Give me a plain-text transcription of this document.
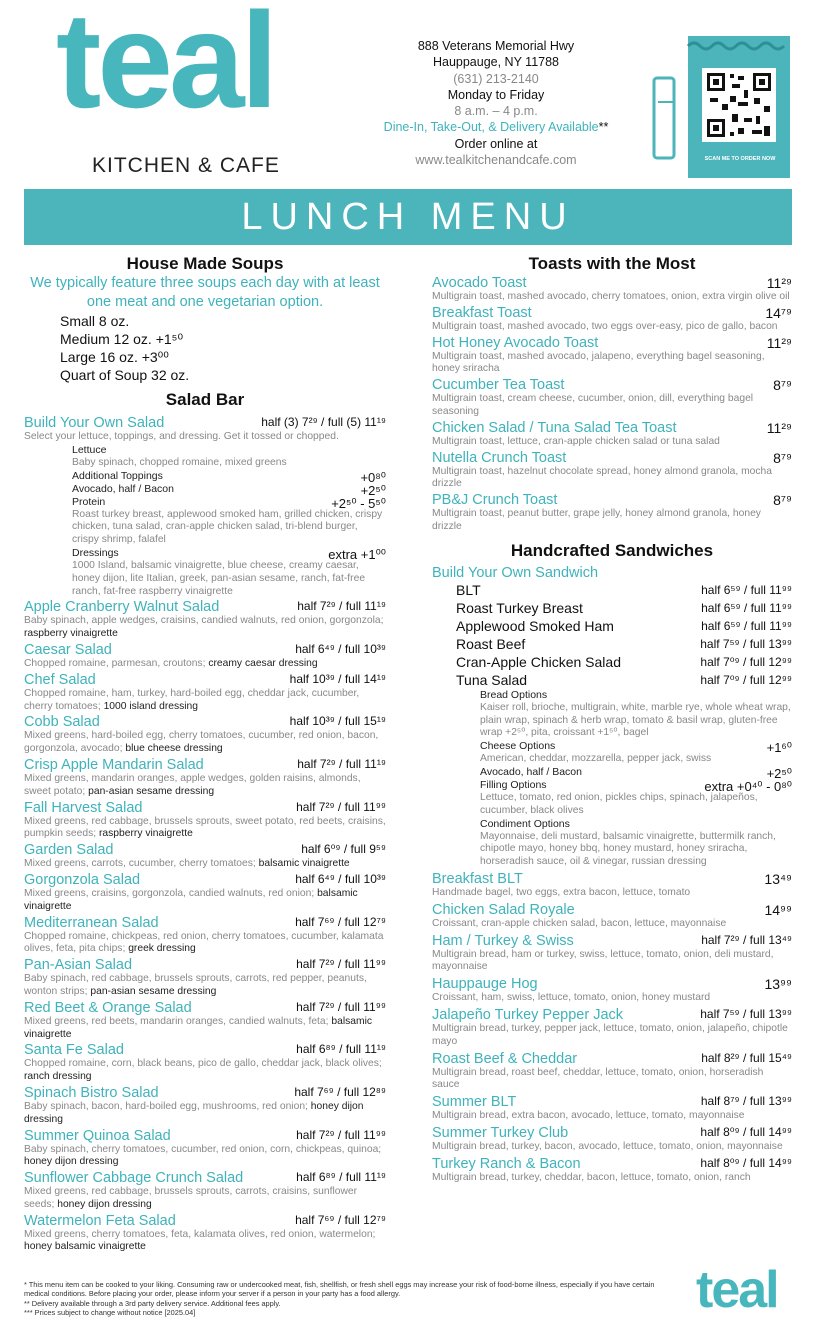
teal
KITCHEN & CAFE
888 Veterans Memorial Hwy
Hauppauge, NY 11788
(631) 213-2140
Monday to Friday
8 a.m. – 4 p.m.
Dine-In, Take-Out, & Delivery Available**
Order online at
www.tealkitchenandcafe.com	SCAN ME TO ORDER NOW
LUNCH MENU
House Made Soups
We typically feature three soups each day with at least one meat and one vegetarian option.
Small 8 oz.
Medium 12 oz. +1⁵⁰
Large 16 oz. +3⁰⁰
Quart of Soup 32 oz.
Salad Bar
Build Your Own Salad	half (3) 7²⁹ / full (5) 11¹⁹
Select your lettuce, toppings, and dressing. Get it tossed or chopped.
Lettuce
Baby spinach, chopped romaine, mixed greens
Additional Toppings	+0⁸⁰
Avocado, half / Bacon	+2⁵⁰
Protein	+2⁵⁰ - 5⁵⁰
Roast turkey breast, applewood smoked ham, grilled chicken, crispy chicken, tuna salad, cran-apple chicken salad, tri-blend burger, crispy shrimp, falafel
Dressings	extra +1⁰⁰
1000 Island, balsamic vinaigrette, blue cheese, creamy caesar, honey dijon, lite Italian, greek, pan-asian sesame, ranch, fat-free ranch, fat-free raspberry vinaigrette
Apple Cranberry Walnut Salad	half 7²⁹ / full 11¹⁹
Baby spinach, apple wedges, craisins, candied walnuts, red onion, gorgonzola; raspberry vinaigrette
Caesar Salad	half 6⁴⁹ / full 10³⁹
Chopped romaine, parmesan, croutons; creamy caesar dressing
Chef Salad	half 10³⁹ / full 14¹⁹
Chopped romaine, ham, turkey, hard-boiled egg, cheddar jack, cucumber, cherry tomatoes; 1000 island dressing
Cobb Salad	half 10³⁹ / full 15¹⁹
Mixed greens, hard-boiled egg, cherry tomatoes, cucumber, red onion, bacon, gorgonzola, avocado; blue cheese dressing
Crisp Apple Mandarin Salad	half 7²⁹ / full 11¹⁹
Mixed greens, mandarin oranges, apple wedges, golden raisins, almonds, sweet potato; pan-asian sesame dressing
Fall Harvest Salad	half 7²⁹ / full 11⁹⁹
Mixed greens, red cabbage, brussels sprouts, sweet potato, red beets, craisins, pumpkin seeds; raspberry vinaigrette
Garden Salad	half 6⁰⁹ / full 9⁵⁹
Mixed greens, carrots, cucumber, cherry tomatoes; balsamic vinaigrette
Gorgonzola Salad	half 6⁴⁹ / full 10³⁹
Mixed greens, craisins, gorgonzola, candied walnuts, red onion; balsamic vinaigrette
Mediterranean Salad	half 7⁶⁹ / full 12⁷⁹
Chopped romaine, chickpeas, red onion, cherry tomatoes, cucumber, kalamata olives, feta, pita chips; greek dressing
Pan-Asian Salad	half 7²⁹ / full 11⁹⁹
Baby spinach, red cabbage, brussels sprouts, carrots, red pepper, peanuts, wonton strips; pan-asian sesame dressing
Red Beet & Orange Salad	half 7²⁹ / full 11⁹⁹
Mixed greens, red beets, mandarin oranges, candied walnuts, feta; balsamic vinaigrette
Santa Fe Salad	half 6⁸⁹ / full 11¹⁹
Chopped romaine, corn, black beans, pico de gallo, cheddar jack, black olives; ranch dressing
Spinach Bistro Salad	half 7⁶⁹ / full 12⁸⁹
Baby spinach, bacon, hard-boiled egg, mushrooms, red onion; honey dijon dressing
Summer Quinoa Salad	half 7²⁹ / full 11⁹⁹
Baby spinach, cherry tomatoes, cucumber, red onion, corn, chickpeas, quinoa; honey dijon dressing
Sunflower Cabbage Crunch Salad	half 6⁸⁹ / full 11¹⁹
Mixed greens, red cabbage, brussels sprouts, carrots, craisins, sunflower seeds; honey dijon dressing
Watermelon Feta Salad	half 7⁶⁹ / full 12⁷⁹
Mixed greens, cherry tomatoes, feta, kalamata olives, red onion, watermelon; honey balsamic vinaigrette
Toasts with the Most
Avocado Toast	11²⁹
Multigrain toast, mashed avocado, cherry tomatoes, onion, extra virgin olive oil
Breakfast Toast	14⁷⁹
Multigrain toast, mashed avocado, two eggs over-easy, pico de gallo, bacon
Hot Honey Avocado Toast	11²⁹
Multigrain toast, mashed avocado, jalapeno, everything bagel seasoning, honey sriracha
Cucumber Tea Toast	8⁷⁹
Multigrain toast, cream cheese, cucumber, onion, dill, everything bagel seasoning
Chicken Salad / Tuna Salad Tea Toast	11²⁹
Multigrain toast, lettuce, cran-apple chicken salad or tuna salad
Nutella Crunch Toast	8⁷⁹
Multigrain toast, hazelnut chocolate spread, honey almond granola, mocha drizzle
PB&J Crunch Toast	8⁷⁹
Multigrain toast, peanut butter, grape jelly, honey almond granola, honey drizzle
Handcrafted Sandwiches
Build Your Own Sandwich
BLT	half 6⁵⁹ / full 11⁹⁹
Roast Turkey Breast	half 6⁵⁹ / full 11⁹⁹
Applewood Smoked Ham	half 6⁵⁹ / full 11⁹⁹
Roast Beef	half 7⁵⁹ / full 13⁹⁹
Cran-Apple Chicken Salad	half 7⁰⁹ / full 12⁹⁹
Tuna Salad	half 7⁰⁹ / full 12⁹⁹
Bread Options
Kaiser roll, brioche, multigrain, white, marble rye, whole wheat wrap, plain wrap, spinach & herb wrap, tomato & basil wrap, gluten-free wrap +2⁵⁰, pita, croissant +1⁵⁰, bagel
Cheese Options	+1⁶⁰
American, cheddar, mozzarella, pepper jack, swiss
Avocado, half / Bacon	+2⁵⁰
Filling Options	extra +0⁴⁰ - 0⁸⁰
Lettuce, tomato, red onion, pickles chips, spinach, jalapeños, cucumber, black olives
Condiment Options
Mayonnaise, deli mustard, balsamic vinaigrette, buttermilk ranch, chipotle mayo, honey bbq, honey mustard, honey sriracha, horseradish sauce, oil & vinegar, russian dressing
Breakfast BLT	13⁴⁹
Handmade bagel, two eggs, extra bacon, lettuce, tomato
Chicken Salad Royale	14⁹⁹
Croissant, cran-apple chicken salad, bacon, lettuce, mayonnaise
Ham / Turkey & Swiss	half 7²⁹ / full 13⁴⁹
Multigrain bread, ham or turkey, swiss, lettuce, tomato, onion, deli mustard, mayonnaise
Hauppauge Hog	13⁹⁹
Croissant, ham, swiss, lettuce, tomato, onion, honey mustard
Jalapeño Turkey Pepper Jack	half 7⁵⁹ / full 13⁹⁹
Multigrain bread, turkey, pepper jack, lettuce, tomato, onion, jalapeño, chipotle mayo
Roast Beef & Cheddar	half 8²⁹ / full 15⁴⁹
Multigrain bread, roast beef, cheddar, lettuce, tomato, onion, horseradish sauce
Summer BLT	half 8⁷⁹ / full 13⁹⁹
Multigrain bread, extra bacon, avocado, lettuce, tomato, mayonnaise
Summer Turkey Club	half 8⁰⁹ / full 14⁹⁹
Multigrain bread, turkey, bacon, avocado, lettuce, tomato, onion, mayonnaise
Turkey Ranch & Bacon	half 8⁰⁹ / full 14⁹⁹
Multigrain bread, turkey, cheddar, bacon, lettuce, tomato, onion, ranch
* This menu item can be cooked to your liking. Consuming raw or undercooked meat, fish, shellfish, or fresh shell eggs may increase your risk of food-borne illness, especially if you have certain medical conditions. Before placing your order, please inform your server if a person in your party has a food allergy.
** Delivery available through a 3rd party delivery service. Additional fees apply.
*** Prices subject to change without notice [2025.04]	teal
